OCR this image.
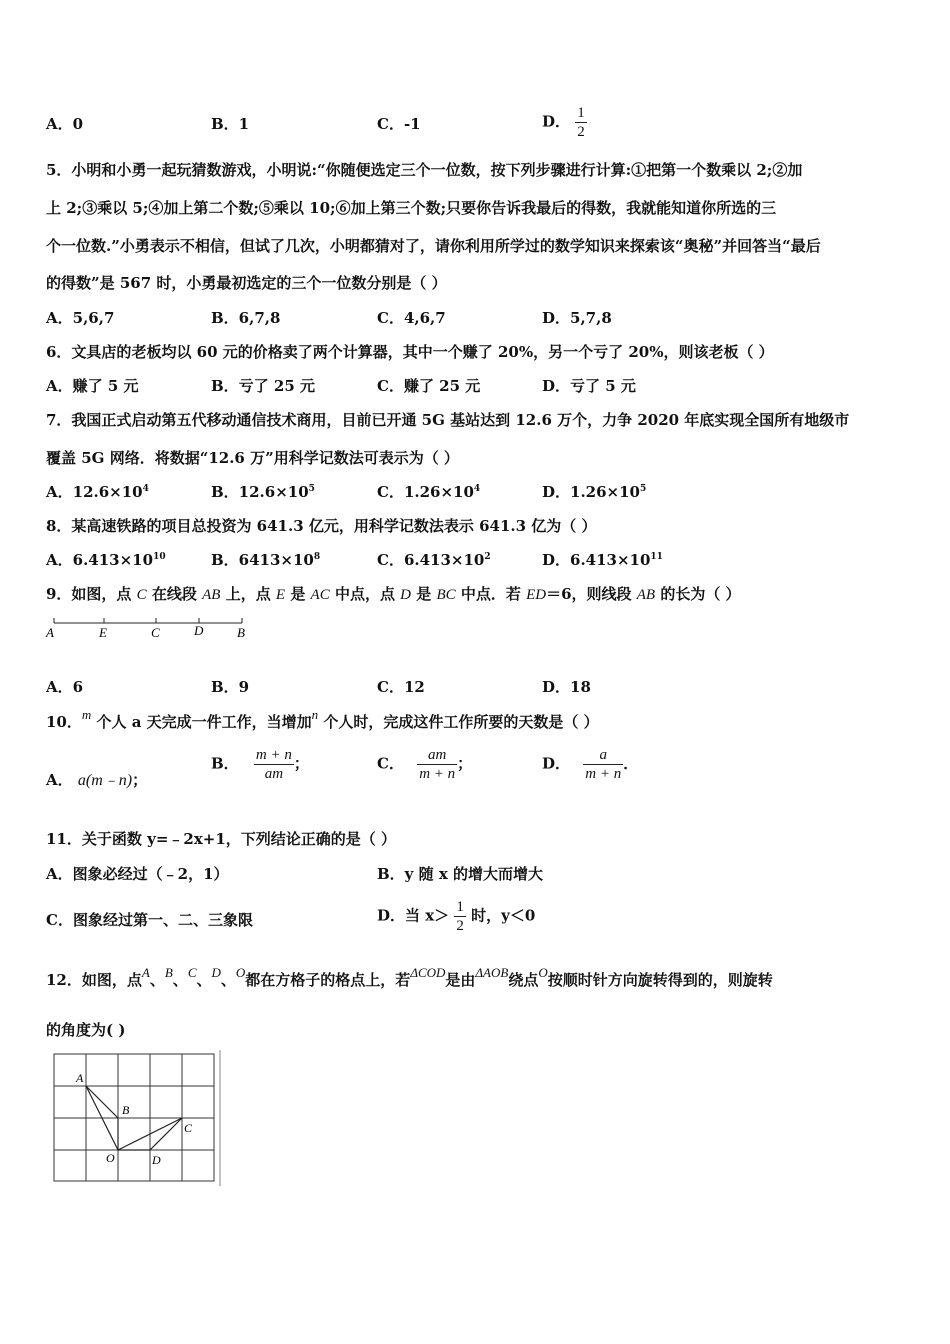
A．0	B．1	C．-1	D． $\frac{1}{2}$
5．小明和小勇一起玩猜数游戏，小明说:“你随便选定三个一位数，按下列步骤进行计算:①把第一个数乘以 2;②加
上 2;③乘以 5;④加上第二个数;⑤乘以 10;⑥加上第三个数;只要你告诉我最后的得数，我就能知道你所选的三
个一位数.”小勇表示不相信，但试了几次，小明都猜对了，请你利用所学过的数学知识来探索该“奥秘”并回答当“最后
的得数”是 567 时，小勇最初选定的三个一位数分别是（ ）
A．5,6,7	B．6,7,8	C．4,6,7	D．5,7,8
6．文具店的老板均以 60 元的价格卖了两个计算器，其中一个赚了 20%，另一个亏了 20%，则该老板（ ）
A．赚了 5 元	B．亏了 25 元	C．赚了 25 元	D．亏了 5 元
7．我国正式启动第五代移动通信技术商用，目前已开通 5G 基站达到 12.6 万个，力争 2020 年底实现全国所有地级市
覆盖 5G 网络．将数据“12.6 万”用科学记数法可表示为（ ）
A．$12.6\times 10^4$	B．$12.6\times 10^5$	C．$1.26\times 10^4$	D．$1.26\times 10^5$
8．某高速铁路的项目总投资为 641.3 亿元，用科学记数法表示 641.3 亿为（ ）
A．$6.413\times 10^{10}$	B．$6413\times 10^8$	C．$6.413\times 10^2$	D．$6.413\times 10^{11}$
9．如图，点 C 在线段 AB 上，点 E 是 AC 中点，点 D 是 BC 中点．若 ED＝6，则线段 AB 的长为（ ）
A	E	C	D	B
A．6	B．9	C．12	D．18
10．m 个人 a 天完成一件工作，当增加n 个人时，完成这件工作所要的天数是（ ）
A． a(m﹣n)；
B． $\frac{m + n}{am}$ ；	C． $\frac{am}{m + n}$ ；	D． $\frac{a}{m + n}$ ．
11．关于函数 y=﹣2x+1，下列结论正确的是（ ）
A．图象必经过（﹣2，1）	B．y 随 x 的增大而增大
C．图象经过第一、二、三象限	D．当 $x> \frac{1}{2}$ 时，y＜0
12．如图，点A、B、C、D、O都在方格子的格点上，若ΔCOD是由ΔAOB绕点O按顺时针方向旋转得到的，则旋转
的角度为( )
A
B
C
O	D
